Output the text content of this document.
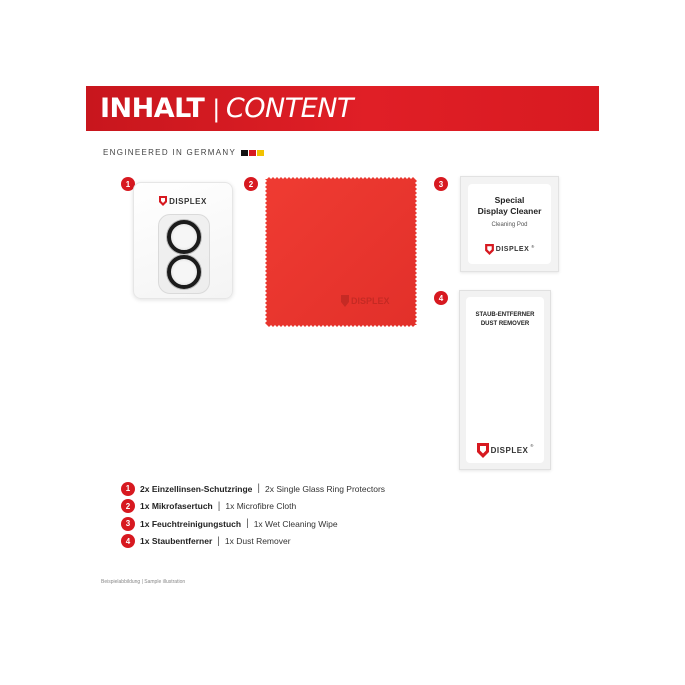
INHALT | CONTENT
ENGINEERED IN GERMANY
1
DISPLEX
2
DISPLEX
3
Special
Display Cleaner
Cleaning Pod
DISPLEX ®
4
STAUB-ENTFERNER
DUST REMOVER
DISPLEX
®
1	2x Einzellinsen-Schutzringe | 2x Single Glass Ring Protectors
2	1x Mikrofasertuch | 1x Microfibre Cloth
3	1x Feuchtreinigungstuch | 1x Wet Cleaning Wipe
4	1x Staubentferner | 1x Dust Remover
Beispielabbildung | Sample illustration
